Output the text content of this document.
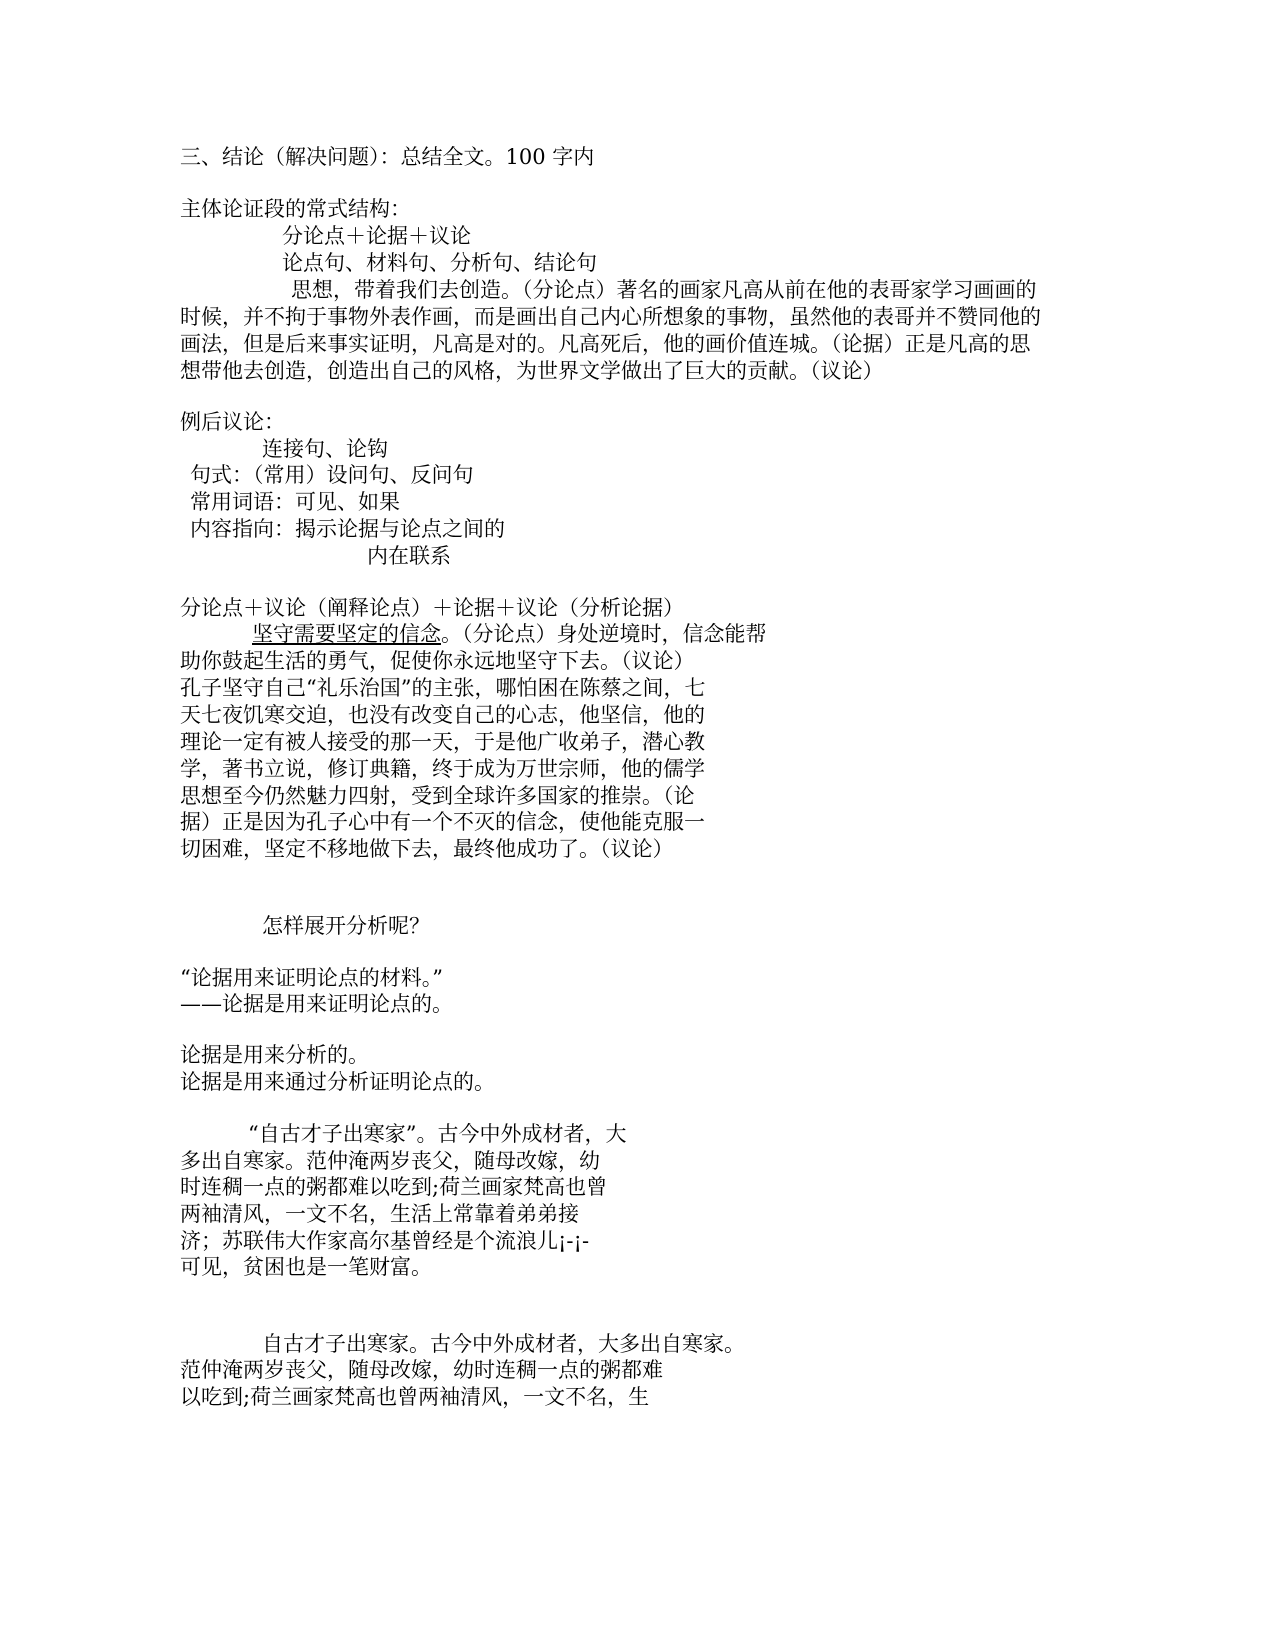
三、结论（解决问题）：总结全文。100 字内
主体论证段的常式结构：
分论点＋论据＋议论
论点句、材料句、分析句、结论句
思想，带着我们去创造。（分论点）著名的画家凡高从前在他的表哥家学习画画的
时候，并不拘于事物外表作画，而是画出自己内心所想象的事物，虽然他的表哥并不赞同他的
画法，但是后来事实证明，凡高是对的。凡高死后，他的画价值连城。（论据）正是凡高的思
想带他去创造，创造出自己的风格，为世界文学做出了巨大的贡献。（议论）
例后议论：
连接句、论钩
句式：（常用）设问句、反问句
常用词语：可见、如果
内容指向：揭示论据与论点之间的
内在联系
分论点＋议论（阐释论点）＋论据＋议论（分析论据）
坚守需要坚定的信念。（分论点）身处逆境时，信念能帮
助你鼓起生活的勇气，促使你永远地坚守下去。（议论）
孔子坚守自己“礼乐治国”的主张，哪怕困在陈蔡之间，七
天七夜饥寒交迫，也没有改变自己的心志，他坚信，他的
理论一定有被人接受的那一天，于是他广收弟子，潜心教
学，著书立说，修订典籍，终于成为万世宗师，他的儒学
思想至今仍然魅力四射，受到全球许多国家的推崇。（论
据）正是因为孔子心中有一个不灭的信念，使他能克服一
切困难，坚定不移地做下去，最终他成功了。（议论）
怎样展开分析呢？
“论据用来证明论点的材料。”
——论据是用来证明论点的。
论据是用来分析的。
论据是用来通过分析证明论点的。
“自古才子出寒家”。古今中外成材者，大
多出自寒家。范仲淹两岁丧父，随母改嫁，幼
时连稠一点的粥都难以吃到;荷兰画家梵高也曾
两袖清风，一文不名，生活上常靠着弟弟接
济；苏联伟大作家高尔基曾经是个流浪儿¡-¡-
可见，贫困也是一笔财富。
自古才子出寒家。古今中外成材者，大多出自寒家。
范仲淹两岁丧父，随母改嫁，幼时连稠一点的粥都难
以吃到;荷兰画家梵高也曾两袖清风，一文不名，生
